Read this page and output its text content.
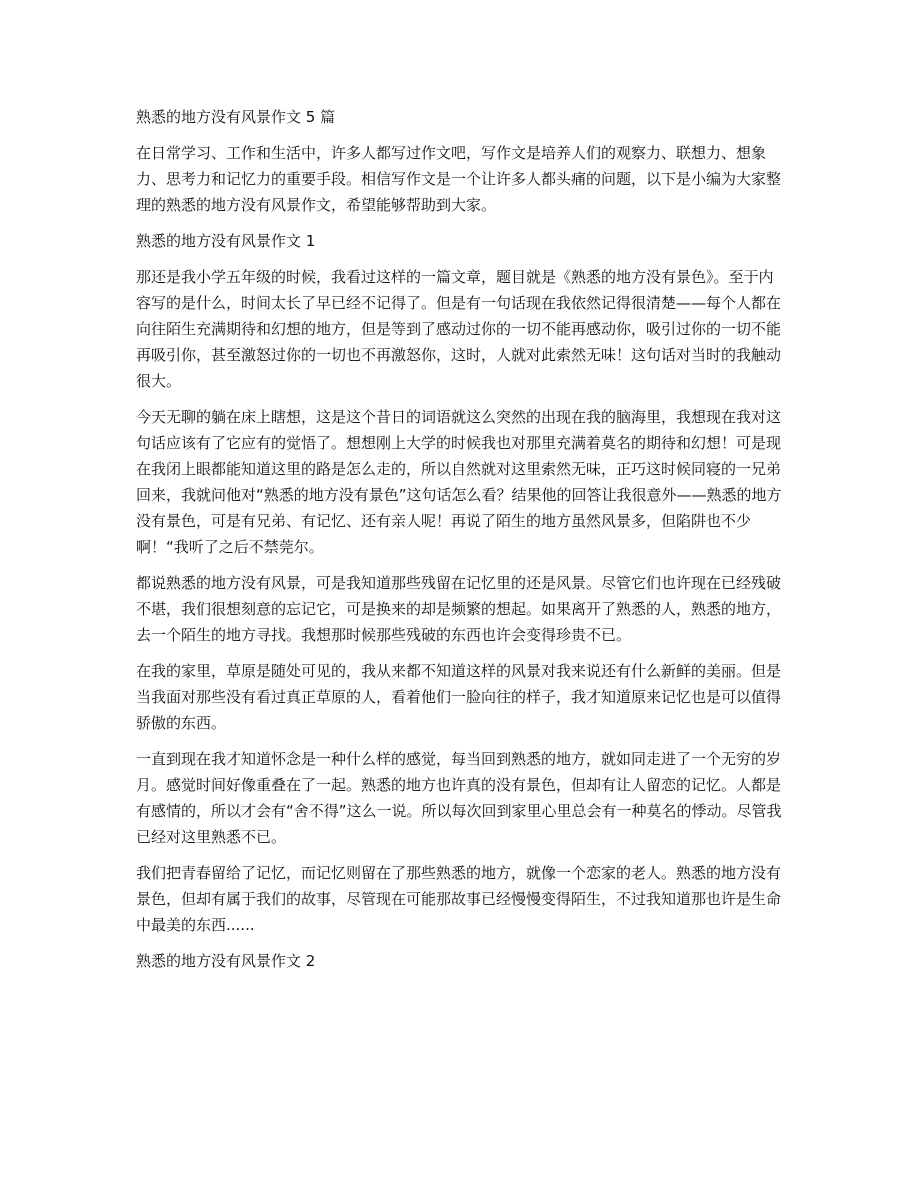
熟悉的地方没有风景作文 5 篇

在日常学习、工作和生活中，许多人都写过作文吧，写作文是培养人们的观察力、联想力、想象力、思考力和记忆力的重要手段。相信写作文是一个让许多人都头痛的问题，以下是小编为大家整理的熟悉的地方没有风景作文，希望能够帮助到大家。

熟悉的地方没有风景作文 1

那还是我小学五年级的时候，我看过这样的一篇文章，题目就是《熟悉的地方没有景色》。至于内容写的是什么，时间太长了早已经不记得了。但是有一句话现在我依然记得很清楚——每个人都在向往陌生充满期待和幻想的地方，但是等到了感动过你的一切不能再感动你，吸引过你的一切不能再吸引你，甚至激怒过你的一切也不再激怒你，这时，人就对此索然无味！这句话对当时的我触动很大。

今天无聊的躺在床上瞎想，这是这个昔日的词语就这么突然的出现在我的脑海里，我想现在我对这句话应该有了它应有的觉悟了。想想刚上大学的时候我也对那里充满着莫名的期待和幻想！可是现在我闭上眼都能知道这里的路是怎么走的，所以自然就对这里索然无味，正巧这时候同寝的一兄弟回来，我就问他对“熟悉的地方没有景色”这句话怎么看？结果他的回答让我很意外——熟悉的地方没有景色，可是有兄弟、有记忆、还有亲人呢！再说了陌生的地方虽然风景多，但陷阱也不少啊！“我听了之后不禁莞尔。

都说熟悉的地方没有风景，可是我知道那些残留在记忆里的还是风景。尽管它们也许现在已经残破不堪，我们很想刻意的忘记它，可是换来的却是频繁的想起。如果离开了熟悉的人，熟悉的地方，去一个陌生的地方寻找。我想那时候那些残破的东西也许会变得珍贵不已。

在我的家里，草原是随处可见的，我从来都不知道这样的风景对我来说还有什么新鲜的美丽。但是当我面对那些没有看过真正草原的人，看着他们一脸向往的样子，我才知道原来记忆也是可以值得骄傲的东西。

一直到现在我才知道怀念是一种什么样的感觉，每当回到熟悉的地方，就如同走进了一个无穷的岁月。感觉时间好像重叠在了一起。熟悉的地方也许真的没有景色，但却有让人留恋的记忆。人都是有感情的，所以才会有“舍不得”这么一说。所以每次回到家里心里总会有一种莫名的悸动。尽管我已经对这里熟悉不已。

我们把青春留给了记忆，而记忆则留在了那些熟悉的地方，就像一个恋家的老人。熟悉的地方没有景色，但却有属于我们的故事，尽管现在可能那故事已经慢慢变得陌生，不过我知道那也许是生命中最美的东西......

熟悉的地方没有风景作文 2
